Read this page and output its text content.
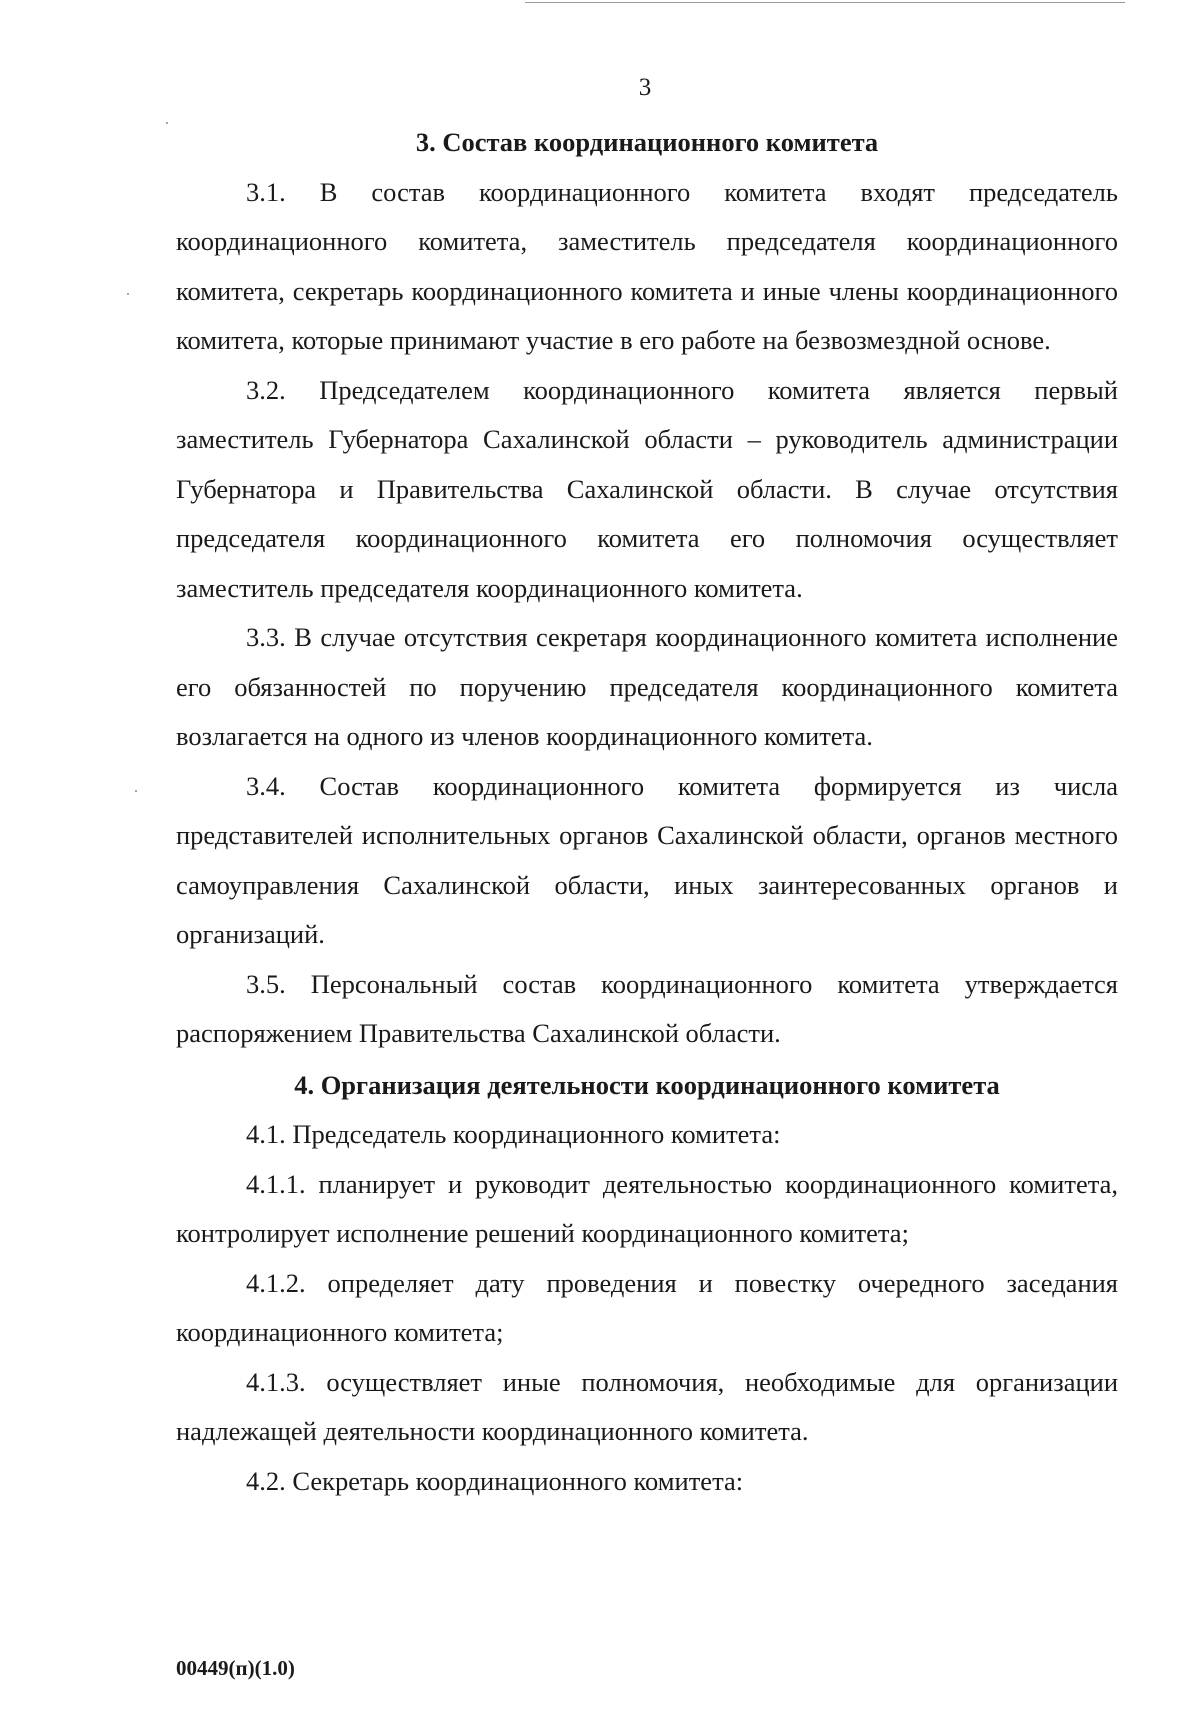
3

3. Состав координационного комитета

3.1. В состав координационного комитета входят председатель координационного комитета, заместитель председателя координационного комитета, секретарь координационного комитета и иные члены координационного комитета, которые принимают участие в его работе на безвозмездной основе.

3.2. Председателем координационного комитета является первый заместитель Губернатора Сахалинской области – руководитель администрации Губернатора и Правительства Сахалинской области. В случае отсутствия председателя координационного комитета его полномочия осуществляет заместитель председателя координационного комитета.

3.3. В случае отсутствия секретаря координационного комитета исполнение его обязанностей по поручению председателя координационного комитета возлагается на одного из членов координационного комитета.

3.4. Состав координационного комитета формируется из числа представителей исполнительных органов Сахалинской области, органов местного самоуправления Сахалинской области, иных заинтересованных органов и организаций.

3.5. Персональный состав координационного комитета утверждается распоряжением Правительства Сахалинской области.

4. Организация деятельности координационного комитета

4.1. Председатель координационного комитета:

4.1.1. планирует и руководит деятельностью координационного комитета, контролирует исполнение решений координационного комитета;

4.1.2. определяет дату проведения и повестку очередного заседания координационного комитета;

4.1.3. осуществляет иные полномочия, необходимые для организации надлежащей деятельности координационного комитета.

4.2. Секретарь координационного комитета:

00449(п)(1.0)
